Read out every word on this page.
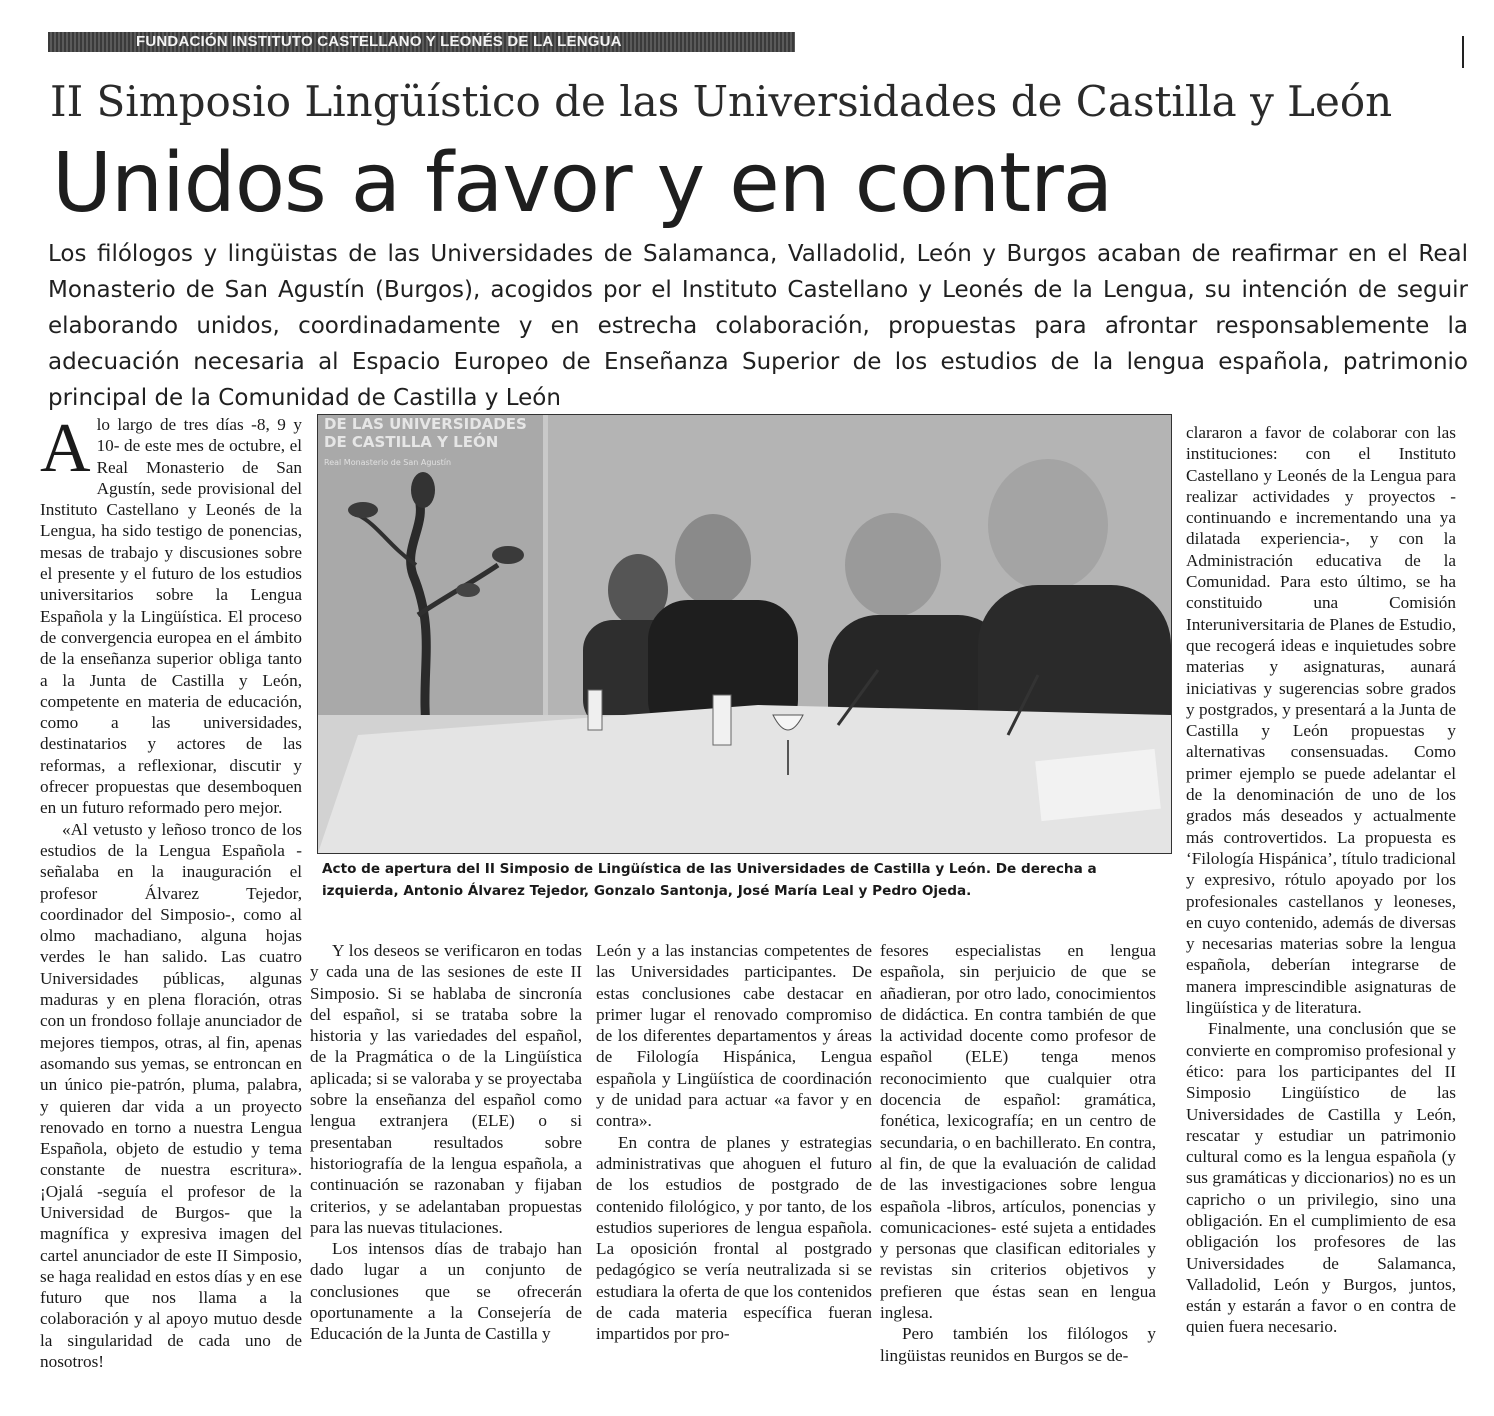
FUNDACIÓN INSTITUTO CASTELLANO Y LEONÉS DE LA LENGUA
II Simposio Lingüístico de las Universidades de Castilla y León
Unidos a favor y en contra
Los filólogos y lingüistas de las Universidades de Salamanca, Valladolid, León y Burgos acaban de reafirmar en el Real Monasterio de San Agustín (Burgos), acogidos por el Instituto Castellano y Leonés de la Lengua, su intención de seguir elaborando unidos, coordinadamente y en estrecha colaboración, propuestas para afrontar responsablemente la adecuación necesaria al Espacio Europeo de Enseñanza Superior de los estudios de la lengua española, patrimonio principal de la Comunidad de Castilla y León

Alo largo de tres días -8, 9 y 10- de este mes de octubre, el Real Monasterio de San Agustín, sede provisional del Instituto Castellano y Leonés de la Lengua, ha sido testigo de ponencias, mesas de trabajo y discusiones sobre el presente y el futuro de los estudios universitarios sobre la Lengua Española y la Lingüística. El proceso de convergencia europea en el ámbito de la enseñanza superior obliga tanto a la Junta de Castilla y León, competente en materia de educación, como a las universidades, destinatarios y actores de las reformas, a reflexionar, discutir y ofrecer propuestas que desemboquen en un futuro reformado pero mejor.

«Al vetusto y leñoso tronco de los estudios de la Lengua Española -señalaba en la inauguración el profesor Álvarez Tejedor, coordinador del Simposio-, como al olmo machadiano, alguna hojas verdes le han salido. Las cuatro Universidades públicas, algunas maduras y en plena floración, otras con un frondoso follaje anunciador de mejores tiempos, otras, al fin, apenas asomando sus yemas, se entroncan en un único pie-patrón, pluma, palabra, y quieren dar vida a un proyecto renovado en torno a nuestra Lengua Española, objeto de estudio y tema constante de nuestra escritura». ¡Ojalá -seguía el profesor de la Universidad de Burgos- que la magnífica y expresiva imagen del cartel anunciador de este II Simposio, se haga realidad en estos días y en ese futuro que nos llama a la colaboración y al apoyo mutuo desde la singularidad de cada uno de nosotros!

DE LAS UNIVERSIDADES
DE CASTILLA Y LEÓN
Real Monasterio de San Agustín
Acto de apertura del II Simposio de Lingüística de las Universidades de Castilla y León. De derecha a izquierda, Antonio Álvarez Tejedor, Gonzalo Santonja, José María Leal y Pedro Ojeda.

Y los deseos se verificaron en todas y cada una de las sesiones de este II Simposio. Si se hablaba de sincronía del español, si se trataba sobre la historia y las variedades del español, de la Pragmática o de la Lingüística aplicada; si se valoraba y se proyectaba sobre la enseñanza del español como lengua extranjera (ELE) o si presentaban resultados sobre historiografía de la lengua española, a continuación se razonaban y fijaban criterios, y se adelantaban propuestas para las nuevas titulaciones.

Los intensos días de trabajo han dado lugar a un conjunto de conclusiones que se ofrecerán oportunamente a la Consejería de Educación de la Junta de Castilla y

León y a las instancias competentes de las Universidades participantes. De estas conclusiones cabe destacar en primer lugar el renovado compromiso de los diferentes departamentos y áreas de Filología Hispánica, Lengua española y Lingüística de coordinación y de unidad para actuar «a favor y en contra».

En contra de planes y estrategias administrativas que ahoguen el futuro de los estudios de postgrado de contenido filológico, y por tanto, de los estudios superiores de lengua española. La oposición frontal al postgrado pedagógico se vería neutralizada si se estudiara la oferta de que los contenidos de cada materia específica fueran impartidos por pro-

fesores especialistas en lengua española, sin perjuicio de que se añadieran, por otro lado, conocimientos de didáctica. En contra también de que la actividad docente como profesor de español (ELE) tenga menos reconocimiento que cualquier otra docencia de español: gramática, fonética, lexicografía; en un centro de secundaria, o en bachillerato. En contra, al fin, de que la evaluación de calidad de las investigaciones sobre lengua española -libros, artículos, ponencias y comunicaciones- esté sujeta a entidades y personas que clasifican editoriales y revistas sin criterios objetivos y prefieren que éstas sean en lengua inglesa.

Pero también los filólogos y lingüistas reunidos en Burgos se de-

clararon a favor de colaborar con las instituciones: con el Instituto Castellano y Leonés de la Lengua para realizar actividades y proyectos -continuando e incrementando una ya dilatada experiencia-, y con la Administración educativa de la Comunidad. Para esto último, se ha constituido una Comisión Interuniversitaria de Planes de Estudio, que recogerá ideas e inquietudes sobre materias y asignaturas, aunará iniciativas y sugerencias sobre grados y postgrados, y presentará a la Junta de Castilla y León propuestas y alternativas consensuadas. Como primer ejemplo se puede adelantar el de la denominación de uno de los grados más deseados y actualmente más controvertidos. La propuesta es ‘Filología Hispánica’, título tradicional y expresivo, rótulo apoyado por los profesionales castellanos y leoneses, en cuyo contenido, además de diversas y necesarias materias sobre la lengua española, deberían integrarse de manera imprescindible asignaturas de lingüística y de literatura.

Finalmente, una conclusión que se convierte en compromiso profesional y ético: para los participantes del II Simposio Lingüístico de las Universidades de Castilla y León, rescatar y estudiar un patrimonio cultural como es la lengua española (y sus gramáticas y diccionarios) no es un capricho o un privilegio, sino una obligación. En el cumplimiento de esa obligación los profesores de las Universidades de Salamanca, Valladolid, León y Burgos, juntos, están y estarán a favor o en contra de quien fuera necesario.
